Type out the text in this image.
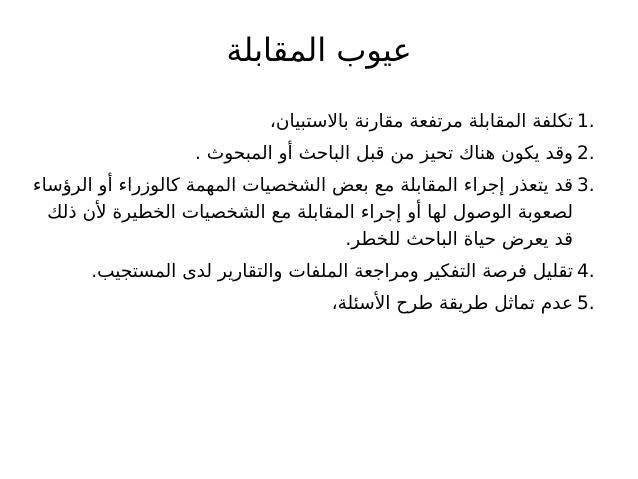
عيوب المقابلة
1.
تكلفة المقابلة مرتفعة مقارنة بالاستبيان،
2.
وقد يكون هناك تحيز من قبل الباحث أو المبحوث .
3.
قد يتعذر إجراء المقابلة مع بعض الشخصيات المهمة كالوزراء أو الرؤساء لصعوبة الوصول لها أو إجراء المقابلة مع الشخصيات الخطيرة لأن ذلك قد يعرض حياة الباحث للخطر.
4.
تقليل فرصة التفكير ومراجعة الملفات والتقارير لدى المستجيب.
5.
عدم تماثل طريقة طرح الأسئلة،
